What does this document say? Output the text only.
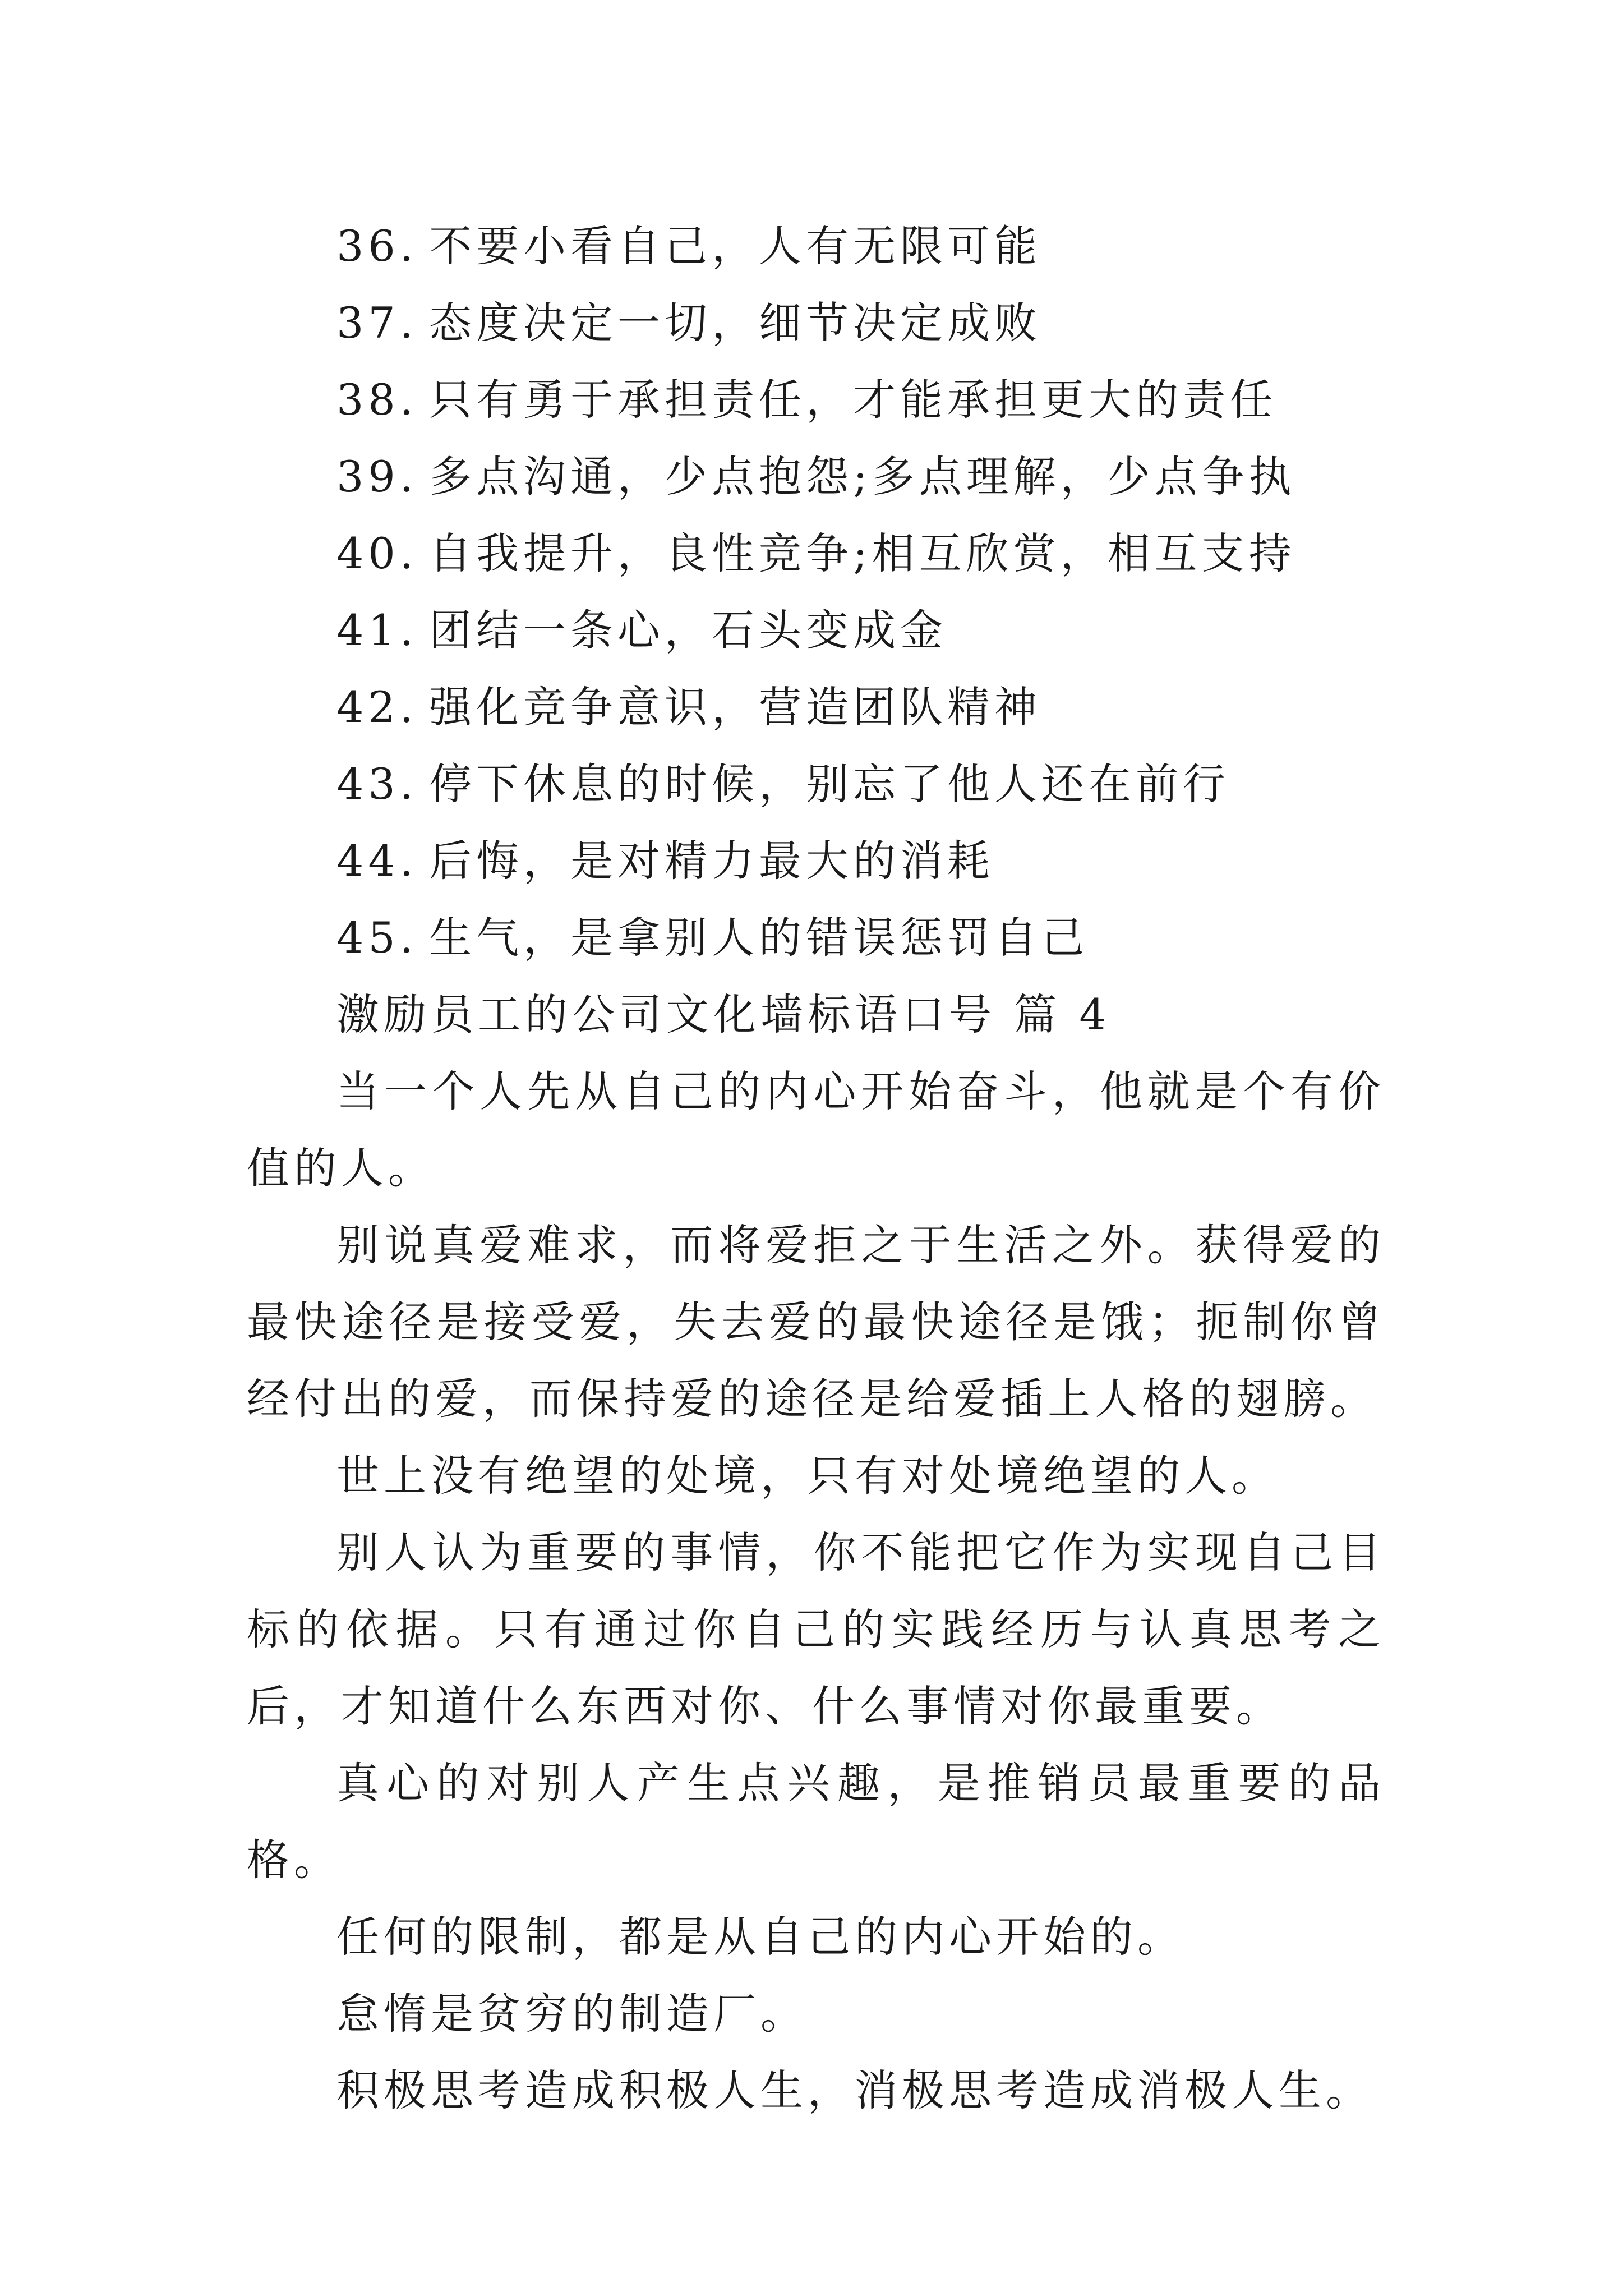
36. 不要小看自己，人有无限可能
37. 态度决定一切，细节决定成败
38. 只有勇于承担责任，才能承担更大的责任
39. 多点沟通，少点抱怨;多点理解，少点争执
40. 自我提升，良性竞争;相互欣赏，相互支持
41. 团结一条心，石头变成金
42. 强化竞争意识，营造团队精神
43. 停下休息的时候，别忘了他人还在前行
44. 后悔，是对精力最大的消耗
45. 生气，是拿别人的错误惩罚自己
激励员工的公司文化墙标语口号 篇 4

当一个人先从自己的内心开始奋斗，他就是个有价值的人。

别说真爱难求，而将爱拒之于生活之外。获得爱的最快途径是接受爱，失去爱的最快途径是饿；扼制你曾经付出的爱，而保持爱的途径是给爱插上人格的翅膀。

世上没有绝望的处境，只有对处境绝望的人。

别人认为重要的事情，你不能把它作为实现自己目标的依据。只有通过你自己的实践经历与认真思考之后，才知道什么东西对你、什么事情对你最重要。

真心的对别人产生点兴趣，是推销员最重要的品格。

任何的限制，都是从自己的内心开始的。

怠惰是贫穷的制造厂。

积极思考造成积极人生，消极思考造成消极人生。
